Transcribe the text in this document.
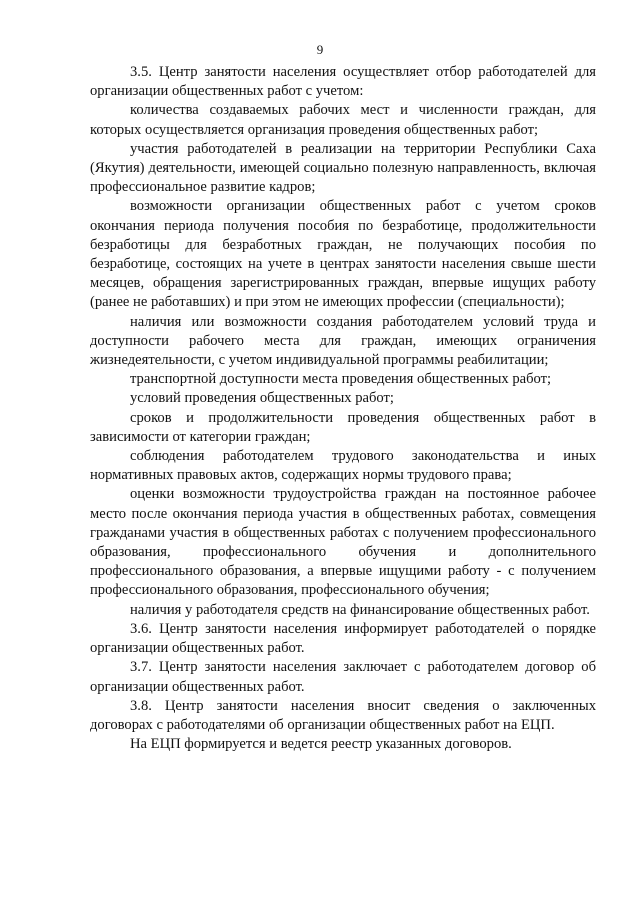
9

3.5. Центр занятости населения осуществляет отбор работодателей для организации общественных работ с учетом:

количества создаваемых рабочих мест и численности граждан, для которых осуществляется организация проведения общественных работ;

участия работодателей в реализации на территории Республики Саха (Якутия) деятельности, имеющей социально полезную направленность, включая профессиональное развитие кадров;

возможности организации общественных работ с учетом сроков окончания периода получения пособия по безработице, продолжительности безработицы для безработных граждан, не получающих пособия по безработице, состоящих на учете в центрах занятости населения свыше шести месяцев, обращения зарегистрированных граждан, впервые ищущих работу (ранее не работавших) и при этом не имеющих профессии (специальности);

наличия или возможности создания работодателем условий труда и доступности рабочего места для граждан, имеющих ограничения жизнедеятельности, с учетом индивидуальной программы реабилитации;

транспортной доступности места проведения общественных работ;

условий проведения общественных работ;

сроков и продолжительности проведения общественных работ в зависимости от категории граждан;

соблюдения работодателем трудового законодательства и иных нормативных правовых актов, содержащих нормы трудового права;

оценки возможности трудоустройства граждан на постоянное рабочее место после окончания периода участия в общественных работах, совмещения гражданами участия в общественных работах с получением профессионального образования, профессионального обучения и дополнительного профессионального образования, а впервые ищущими работу - с получением профессионального образования, профессионального обучения;

наличия у работодателя средств на финансирование общественных работ.

3.6. Центр занятости населения информирует работодателей о порядке организации общественных работ.

3.7. Центр занятости населения заключает с работодателем договор об организации общественных работ.

3.8. Центр занятости населения вносит сведения о заключенных договорах с работодателями об организации общественных работ на ЕЦП.

На ЕЦП формируется и ведется реестр указанных договоров.
